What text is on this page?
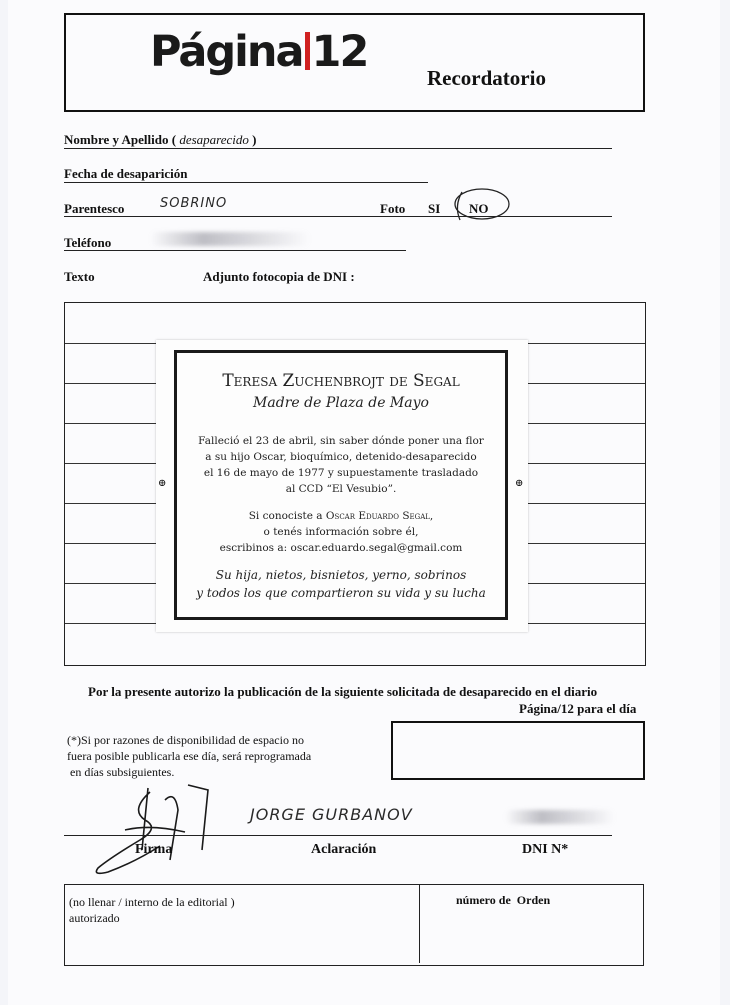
Página 12
Recordatorio
Nombre y Apellido ( desaparecido )
Fecha de desaparición
Parentesco	SOBRINO	Foto SI NO
Teléfono
Texto	Adjunto fotocopia de DNI :
⊕	⊕
Teresa Zuchenbrojt de Segal
Madre de Plaza de Mayo
Falleció el 23 de abril, sin saber dónde poner una flor
a su hijo Oscar, bioquímico, detenido-desaparecido
el 16 de mayo de 1977 y supuestamente trasladado
al CCD “El Vesubio”.
Si conociste a Oscar Eduardo Segal,
o tenés información sobre él,
escribinos a: oscar.eduardo.segal@gmail.com
Su hija, nietos, bisnietos, yerno, sobrinos
y todos los que compartieron su vida y su lucha
Por la presente autorizo la publicación de la siguiente solicitada de desaparecido en el diario
Página/12 para el día
(*)Si por razones de disponibilidad de espacio no
fuera posible publicarla ese día, será reprogramada
en días subsiguientes.
JORGE GURBANOV
Firma	Aclaración	DNI N*
(no llenar / interno de la editorial )
autorizado
número de  Orden
